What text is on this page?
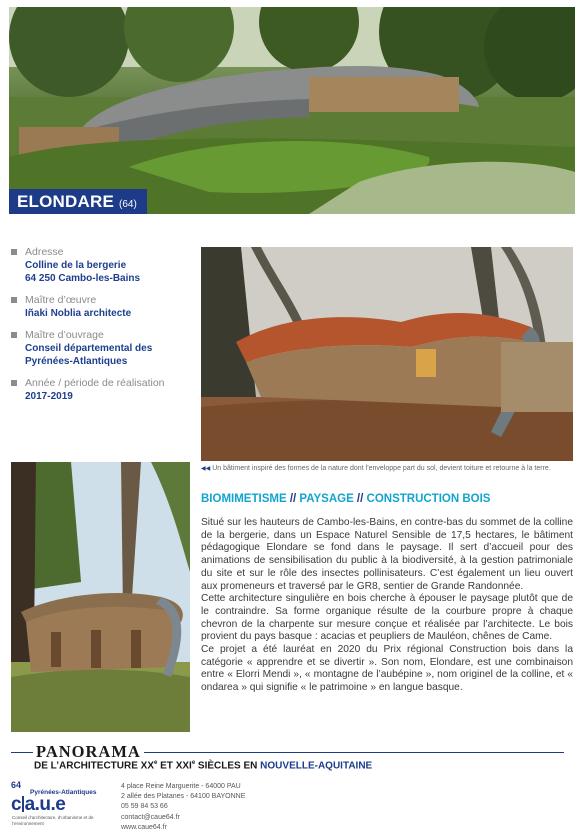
ELONDARE (64)
Adresse
Colline de la bergerie
64 250 Cambo-les-Bains
Maître d’œuvre
Iñaki Noblia architecte
Maître d’ouvrage
Conseil départemental des
Pyrénées-Atlantiques
Année / période de réalisation
2017-2019
◀◀ Un bâtiment inspiré des formes de la nature dont l’enveloppe part du sol, devient toiture et retourne à la terre.
BIOMIMETISME // PAYSAGE // CONSTRUCTION BOIS

Situé sur les hauteurs de Cambo-les-Bains, en contre-bas du sommet de la colline de la bergerie, dans un Espace Naturel Sensible de 17,5 hectares, le bâtiment pédagogique Elondare se fond dans le paysage. Il sert d’accueil pour des animations de sensibilisation du public à la biodiversité, à la gestion patrimoniale du site et sur le rôle des insectes pollinisateurs. C’est également un lieu ouvert aux promeneurs et traversé par le GR8, sentier de Grande Randonnée.

Cette architecture singulière en bois cherche à épouser le paysage plutôt que de le contraindre. Sa forme organique résulte de la courbure propre à chaque chevron de la charpente sur mesure conçue et réalisée par l’architecte. Le bois provient du pays basque : acacias et peupliers de Mauléon, chênes de Came.

Ce projet a été lauréat en 2020 du Prix régional Construction bois dans la catégorie « apprendre et se divertir ». Son nom, Elondare, est une combinaison entre « Elorri Mendi », « montagne de l’aubépine », nom originel de la colline, et « ondarea » qui signifie « le patrimoine » en langue basque.

PANORAMA
DE L’ARCHITECTURE XXe ET XXIe SIÈCLES EN NOUVELLE-AQUITAINE
64
Pyrénées-Atlantiques
c a.u.e
Conseil d’architecture, d’urbanisme et de l’environnement
4 place Reine Marguerite - 64000 PAU
2 allée des Platanes - 64100 BAYONNE
05 59 84 53 66
contact@caue64.fr
www.caue64.fr
